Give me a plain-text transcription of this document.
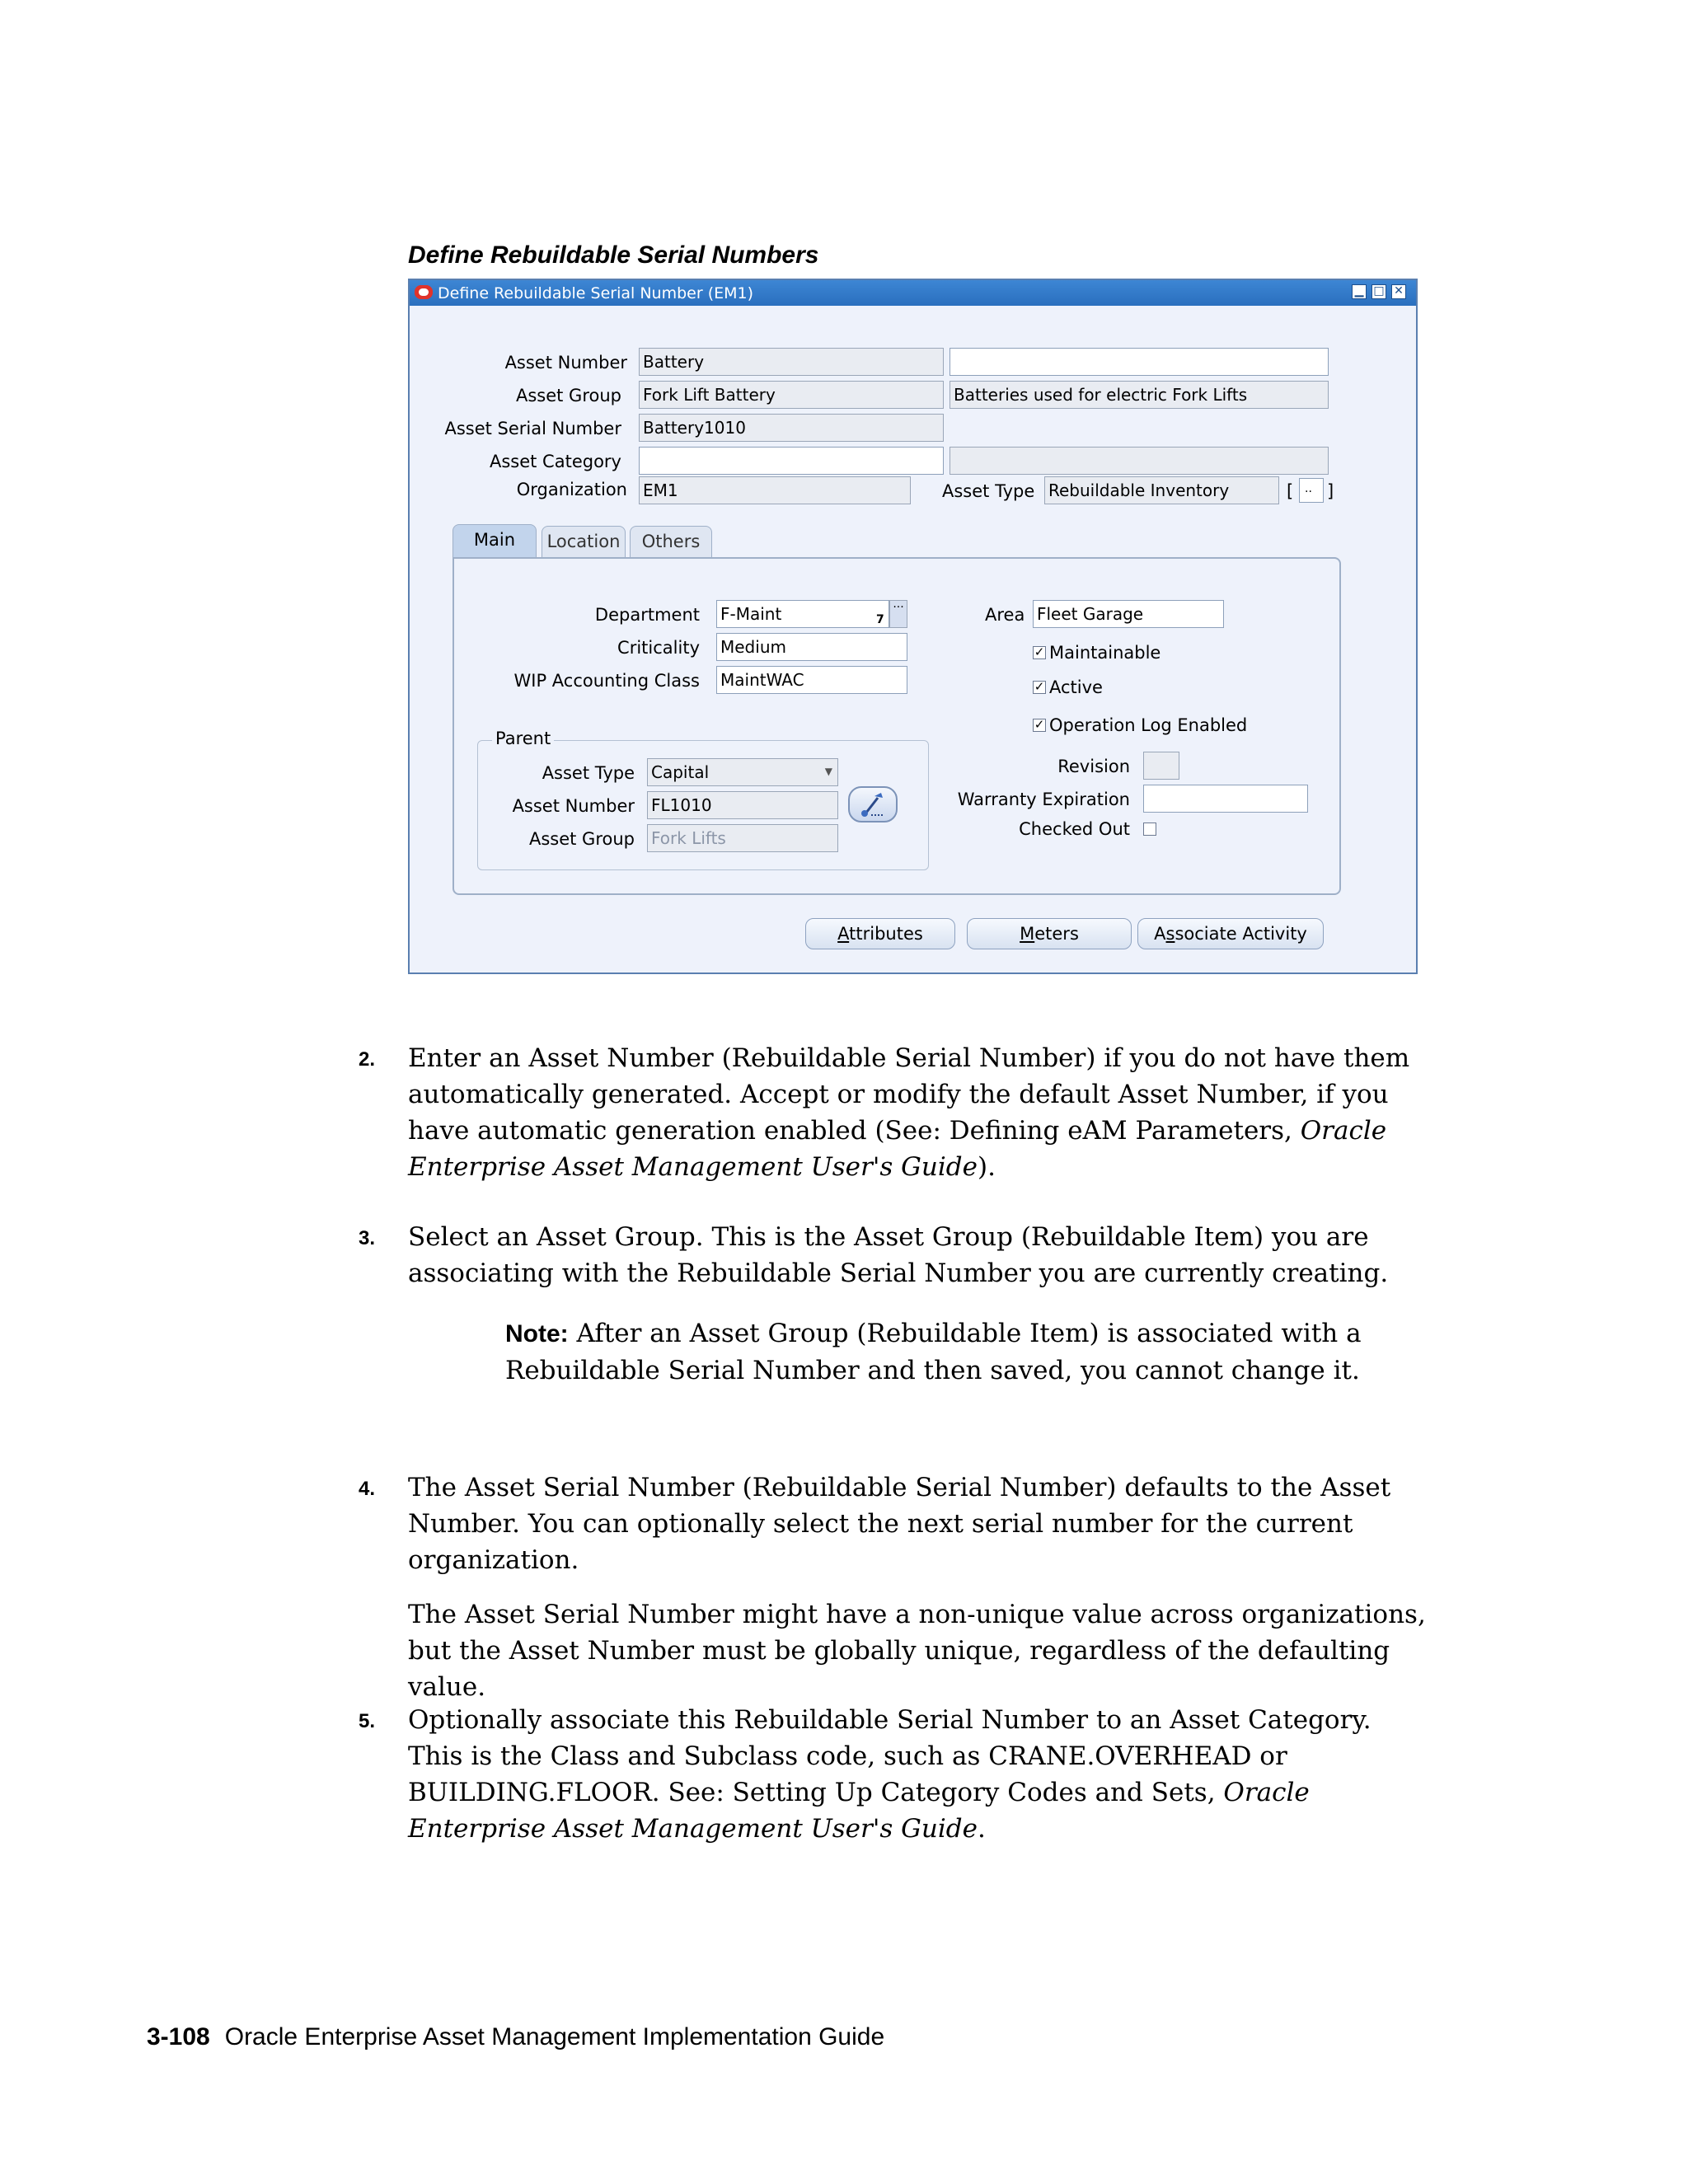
Define Rebuildable Serial Numbers
Define Rebuildable Serial Number (EM1)	▁ □ ✕
Asset Number Battery
Asset Group Fork Lift Battery	Batteries used for electric Fork Lifts
Asset Serial Number Battery1010
Asset Category
Organization EM1	Asset Type Rebuildable Inventory	[ .. ]
Main	Location	Others
Department F-Maint	7
···
Criticality Medium
WIP Accounting Class MaintWAC
Parent
Asset Type Capital	▼
Asset Number FL1010
Asset Group Fork Lifts
Area Fleet Garage
✓ Maintainable
✓ Active
✓ Operation Log Enabled
Revision
Warranty Expiration
Checked Out
Attributes	Meters	Associate Activity
2. Enter an Asset Number (Rebuildable Serial Number) if you do not have them automatically generated. Accept or modify the default Asset Number, if you have automatic generation enabled (See: Defining eAM Parameters, Oracle Enterprise Asset Management User's Guide).
3. Select an Asset Group. This is the Asset Group (Rebuildable Item) you are associating with the Rebuildable Serial Number you are currently creating.
Note: After an Asset Group (Rebuildable Item) is associated with a Rebuildable Serial Number and then saved, you cannot change it.
4. The Asset Serial Number (Rebuildable Serial Number) defaults to the Asset Number. You can optionally select the next serial number for the current organization.
The Asset Serial Number might have a non-unique value across organizations, but the Asset Number must be globally unique, regardless of the defaulting value.
5. Optionally associate this Rebuildable Serial Number to an Asset Category. This is the Class and Subclass code, such as CRANE.OVERHEAD or BUILDING.FLOOR. See: Setting Up Category Codes and Sets, Oracle Enterprise Asset Management User's Guide.
3-108 Oracle Enterprise Asset Management Implementation Guide
